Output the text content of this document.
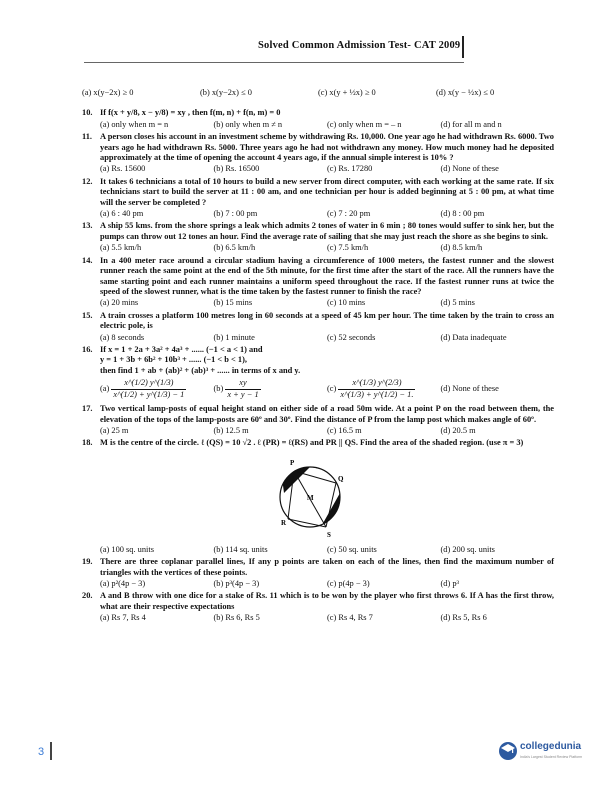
Solved Common Admission Test- CAT 2009
(a) x(y−2x) ≥ 0	(b) x(y−2x) ≤ 0	(c) x(y + ½x) ≥ 0	(d) x(y − ½x) ≤ 0
10. If f(x + y/8, x − y/8) = xy , then f(m, n) + f(n, m) = 0
(a) only when m = n	(b) only when m ≠ n	(c) only when m = – n	(d) for all m and n
11. A person closes his account in an investment scheme by withdrawing Rs. 10,000. One year ago he had withdrawn Rs. 6000. Two years ago he had withdrawn Rs. 5000. Three years ago he had not withdrawn any money. How much money had he deposited approximately at the time of opening the account 4 years ago, if the annual simple interest is 10% ?
(a) Rs. 15600	(b) Rs. 16500	(c) Rs. 17280	(d) None of these
12. It takes 6 technicians a total of 10 hours to build a new server from direct computer, with each working at the same rate. If six technicians start to build the server at 11 : 00 am, and one technician per hour is added beginning at 5 : 00 pm, at what time will the server be completed ?
(a) 6 : 40 pm	(b) 7 : 00 pm	(c) 7 : 20 pm	(d) 8 : 00 pm
13. A ship 55 kms. from the shore springs a leak which admits 2 tones of water in 6 min ; 80 tones would suffer to sink her, but the pumps can throw out 12 tones an hour. Find the average rate of sailing that she may just reach the shore as she begins to sink.
(a) 5.5 km/h	(b) 6.5 km/h	(c) 7.5 km/h	(d) 8.5 km/h
14. In a 400 meter race around a circular stadium having a circumference of 1000 meters, the fastest runner and the slowest runner reach the same point at the end of the 5th minute, for the first time after the start of the race. All the runners have the same starting point and each runner maintains a uniform speed throughout the race. If the fastest runner runs at twice the speed of the slowest runner, what is the time taken by the fastest runner to finish the race?
(a) 20 mins	(b) 15 mins	(c) 10 mins	(d) 5 mins
15. A train crosses a platform 100 metres long in 60 seconds at a speed of 45 km per hour. The time taken by the train to cross an electric pole, is
(a) 8 seconds	(b) 1 minute	(c) 52 seconds	(d) Data inadequate
16. If x = 1 + 2a + 3a² + 4a³ + ...... (−1 < a < 1) and
y = 1 + 3b + 6b² + 10b³ + ...... (−1 < b < 1),
then find 1 + ab + (ab)² + (ab)³ + ...... in terms of x and y.
$(a) \frac{x\^{}(1/2) y\^{}(1/3)}{x\^{}(1/2) + y\^{}(1/3) - 1}$	$(b) \frac{xy}{x + y - 1}$	$(c) \frac{x\^{}(1/3) y\^{}(2/3)}{x\^{}(1/3) + y\^{}(1/2) - 1.}$	(d) None of these
17. Two vertical lamp-posts of equal height stand on either side of a road 50m wide. At a point P on the road between them, the elevation of the tops of the lamp-posts are 60º and 30º. Find the distance of P from the lamp post which makes angle of 60º.
(a) 25 m	(b) 12.5 m	(c) 16.5 m	(d) 20.5 m
18. M is the centre of the circle. ℓ (QS) = 10 √2 . ℓ (PR) = ℓ(RS) and PR || QS. Find the area of the shaded region. (use π = 3)
P
Q
M
R
S
(a) 100 sq. units	(b) 114 sq. units	(c) 50 sq. units	(d) 200 sq. units
19. There are three coplanar parallel lines, If any p points are taken on each of the lines, then find the maximum number of triangles with the vertices of these points.
(a) p²(4p − 3)	(b) p³(4p − 3)	(c) p(4p − 3)	(d) p³
20. A and B throw with one dice for a stake of Rs. 11 which is to be won by the player who first throws 6. If A has the first throw, what are their respective expectations
(a) Rs 7, Rs 4	(b) Rs 6, Rs 5	(c) Rs 4, Rs 7	(d) Rs 5, Rs 6
3	collegedunia
India's Largest Student Review Platform
